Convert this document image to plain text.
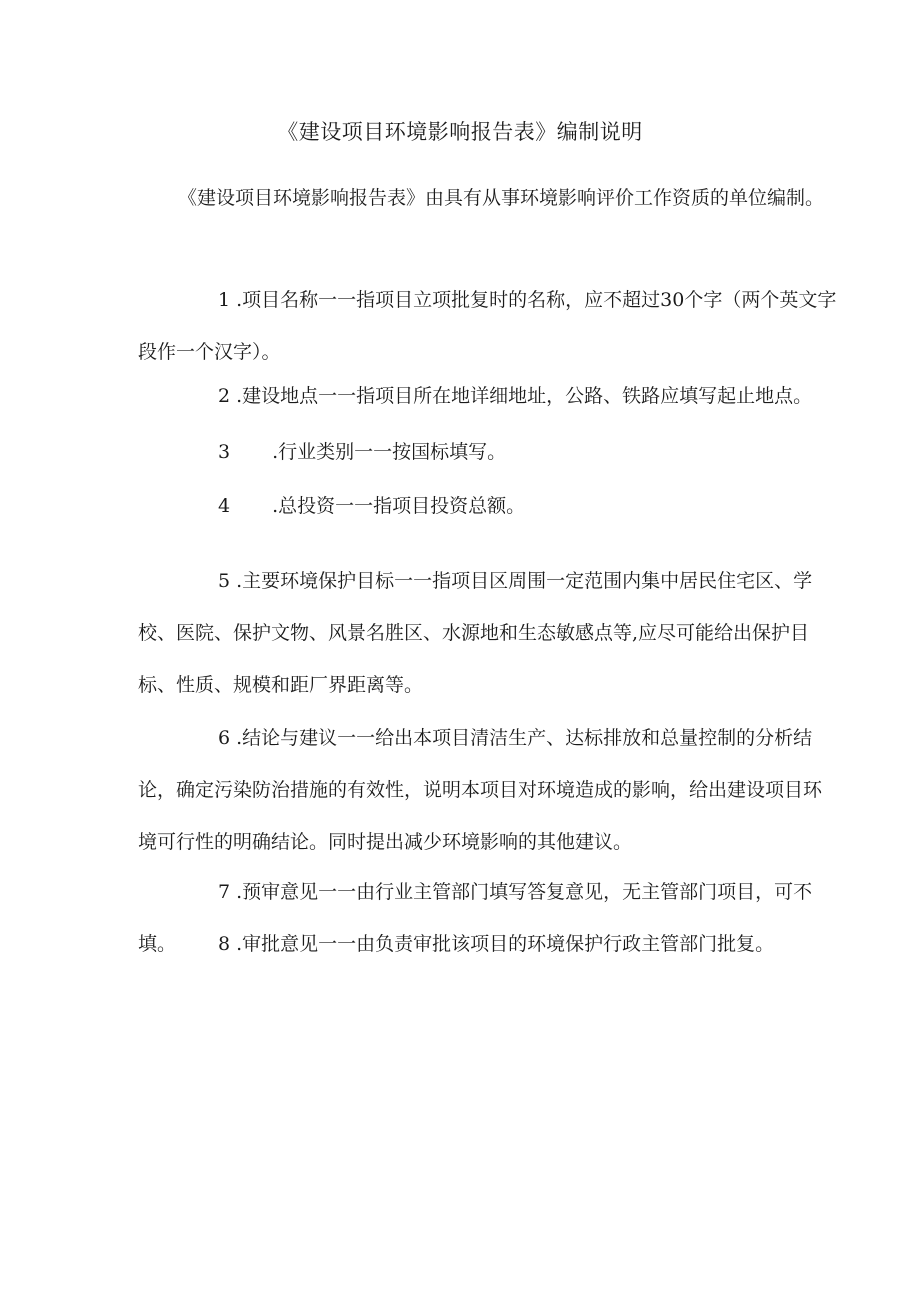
《建设项目环境影响报告表》编制说明

《建设项目环境影响报告表》由具有从事环境影响评价工作资质的单位编制。

1 .项目名称一一指项目立项批复时的名称，应不超过30个字（两个英文字段作一个汉字）。

2 .建设地点一一指项目所在地详细地址，公路、铁路应填写起止地点。

3 .行业类别一一按国标填写。

4 .总投资一一指项目投资总额。

5 .主要环境保护目标一一指项目区周围一定范围内集中居民住宅区、学校、医院、保护文物、风景名胜区、水源地和生态敏感点等,应尽可能给出保护目标、性质、规模和距厂界距离等。

6 .结论与建议一一给出本项目清洁生产、达标排放和总量控制的分析结论，确定污染防治措施的有效性，说明本项目对环境造成的影响，给出建设项目环境可行性的明确结论。同时提出减少环境影响的其他建议。

7 .预审意见一一由行业主管部门填写答复意见，无主管部门项目，可不填。	8 .审批意见一一由负责审批该项目的环境保护行政主管部门批复。
